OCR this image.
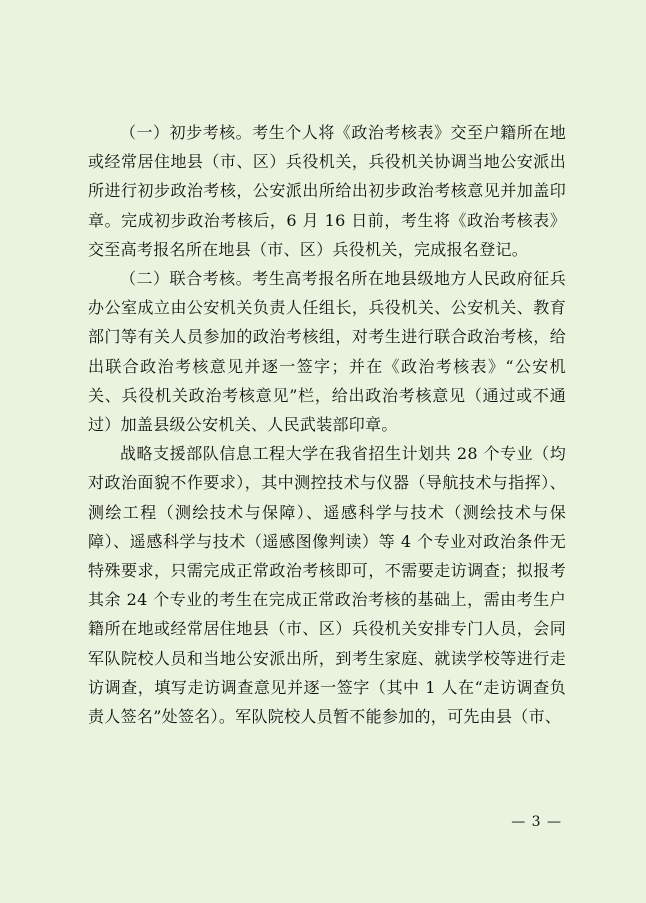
（一）初步考核。考生个人将《政治考核表》交至户籍所在地或经常居住地县（市、区）兵役机关，兵役机关协调当地公安派出所进行初步政治考核，公安派出所给出初步政治考核意见并加盖印章。完成初步政治考核后，6 月 16 日前，考生将《政治考核表》交至高考报名所在地县（市、区）兵役机关，完成报名登记。

（二）联合考核。考生高考报名所在地县级地方人民政府征兵办公室成立由公安机关负责人任组长，兵役机关、公安机关、教育部门等有关人员参加的政治考核组，对考生进行联合政治考核，给出联合政治考核意见并逐一签字；并在《政治考核表》“公安机关、兵役机关政治考核意见”栏，给出政治考核意见（通过或不通过）加盖县级公安机关、人民武装部印章。

战略支援部队信息工程大学在我省招生计划共 28 个专业（均对政治面貌不作要求），其中测控技术与仪器（导航技术与指挥）、测绘工程（测绘技术与保障）、遥感科学与技术（测绘技术与保障）、遥感科学与技术（遥感图像判读）等 4 个专业对政治条件无特殊要求，只需完成正常政治考核即可，不需要走访调查；拟报考其余 24 个专业的考生在完成正常政治考核的基础上，需由考生户籍所在地或经常居住地县（市、区）兵役机关安排专门人员，会同军队院校人员和当地公安派出所，到考生家庭、就读学校等进行走访调查，填写走访调查意见并逐一签字（其中 1 人在“走访调查负责人签名”处签名）。军队院校人员暂不能参加的，可先由县（市、

— 3 —
